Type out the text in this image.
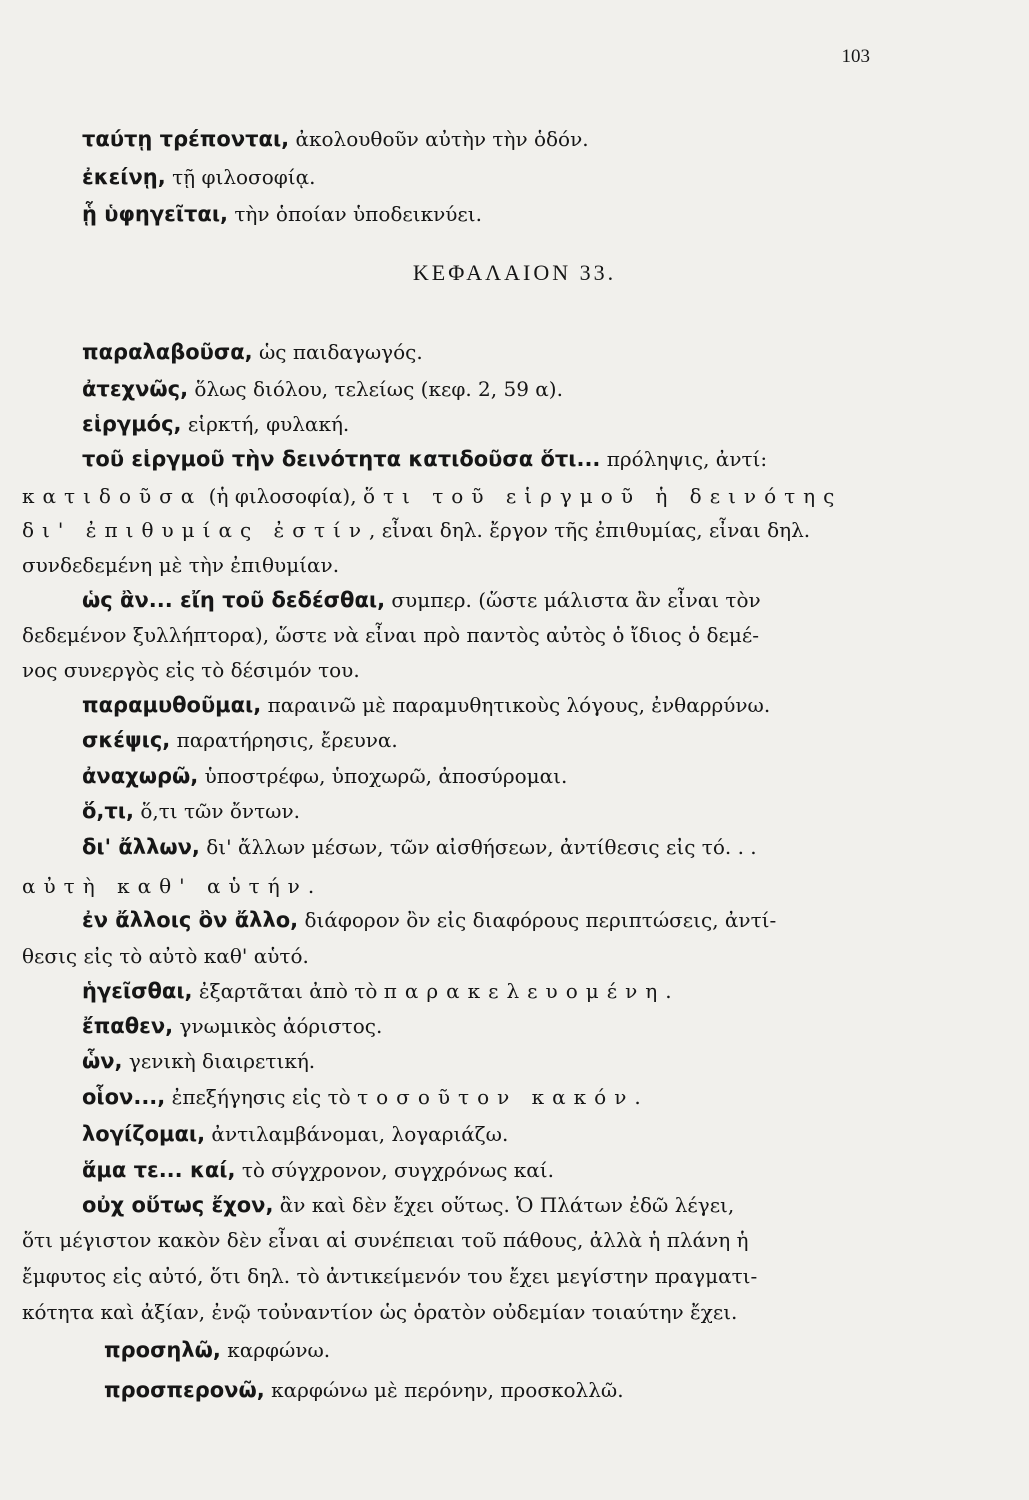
103
ΚΕΦΑΛΑΙΟΝ 33.
ταύτῃ τρέπονται, ἀκολουθοῦν αὐτὴν τὴν ὁδόν.
ἐκείνῃ, τῇ φιλοσοφίᾳ.
ᾗ ὑφηγεῖται, τὴν ὁποίαν ὑποδεικνύει.
παραλαβοῦσα, ὡς παιδαγωγός.
ἀτεχνῶς, ὅλως διόλου, τελείως (κεφ. 2, 59 α).
εἱργμός, εἱρκτή, φυλακή.
τοῦ εἱργμοῦ τὴν δεινότητα κατιδοῦσα ὅτι... πρόληψις, ἀντί:
κατιδοῦσα (ἡ φιλοσοφία), ὅτι τοῦ εἱργμοῦ ἡ δεινότης
δι' ἐπιθυμίας ἐστίν, εἶναι δηλ. ἔργον τῆς ἐπιθυμίας, εἶναι δηλ.
συνδεδεμένη μὲ τὴν ἐπιθυμίαν.
ὡς ἂν... εἴη τοῦ δεδέσθαι, συμπερ. (ὥστε μάλιστα ἂν εἶναι τὸν
δεδεμένον ξυλλήπτορα), ὥστε νὰ εἶναι πρὸ παντὸς αὐτὸς ὁ ἴδιος ὁ δεμέ-
νος συνεργὸς εἰς τὸ δέσιμόν του.
παραμυθοῦμαι, παραινῶ μὲ παραμυθητικοὺς λόγους, ἐνθαρρύνω.
σκέψις, παρατήρησις, ἔρευνα.
ἀναχωρῶ, ὑποστρέφω, ὑποχωρῶ, ἀποσύρομαι.
ὅ,τι, ὅ,τι τῶν ὄντων.
δι' ἄλλων, δι' ἄλλων μέσων, τῶν αἰσθήσεων, ἀντίθεσις εἰς τό. . .
αὐτὴ καθ' αὑτήν.
ἐν ἄλλοις ὂν ἄλλο, διάφορον ὂν εἰς διαφόρους περιπτώσεις, ἀντί-
θεσις εἰς τὸ αὐτὸ καθ' αὑτό.
ἡγεῖσθαι, ἐξαρτᾶται ἀπὸ τὸ παρακελευομένη.
ἔπαθεν, γνωμικὸς ἀόριστος.
ὧν, γενικὴ διαιρετική.
οἷον..., ἐπεξήγησις εἰς τὸ τοσοῦτον κακόν.
λογίζομαι, ἀντιλαμβάνομαι, λογαριάζω.
ἅμα τε... καί, τὸ σύγχρονον, συγχρόνως καί.
οὐχ οὕτως ἔχον, ἂν καὶ δὲν ἔχει οὕτως. Ὁ Πλάτων ἐδῶ λέγει,
ὅτι μέγιστον κακὸν δὲν εἶναι αἱ συνέπειαι τοῦ πάθους, ἀλλὰ ἡ πλάνη ἡ
ἔμφυτος εἰς αὐτό, ὅτι δηλ. τὸ ἀντικείμενόν του ἔχει μεγίστην πραγματι-
κότητα καὶ ἀξίαν, ἐνῷ τοὐναντίον ὡς ὁρατὸν οὐδεμίαν τοιαύτην ἔχει.
προσηλῶ, καρφώνω.
προσπερονῶ, καρφώνω μὲ περόνην, προσκολλῶ.
